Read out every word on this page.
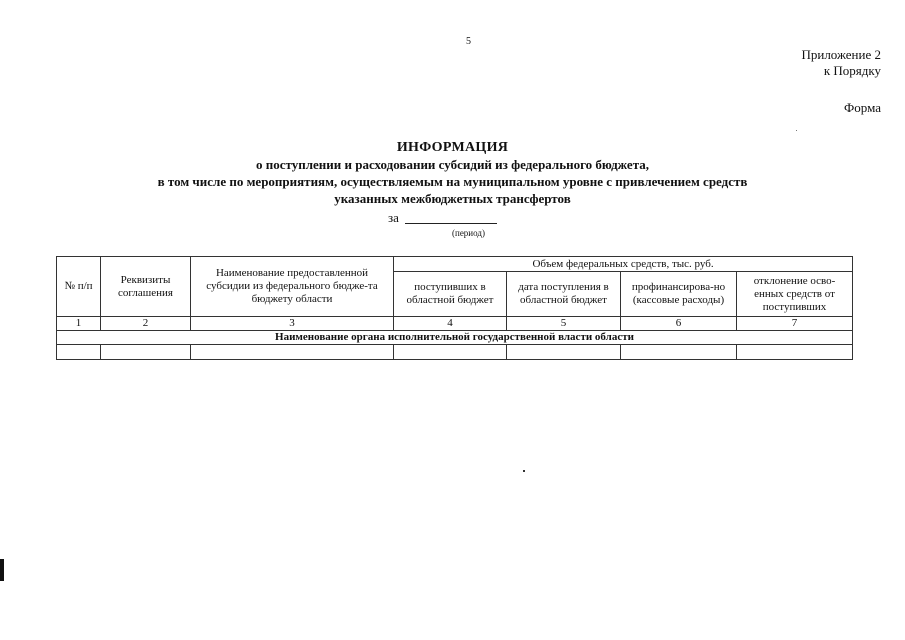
5
Приложение 2
к Порядку
Форма
ИНФОРМАЦИЯ
о поступлении и расходовании субсидий из федерального бюджета,
в том числе по мероприятиям, осуществляемым на муниципальном уровне с привлечением средств
указанных межбюджетных трансфертов
за
(период)
№ п/п	Реквизиты соглашения	Наименование предоставленной субсидии из федерального бюдже-та бюджету области	Объем федеральных средств, тыс. руб.			
			поступивших в областной бюджет	дата поступления в областной бюджет	профинансирова-но (кассовые расходы)	отклонение осво-енных средств от поступивших
1	2	3	4	5	6	7
Наименование органа исполнительной государственной власти области						
